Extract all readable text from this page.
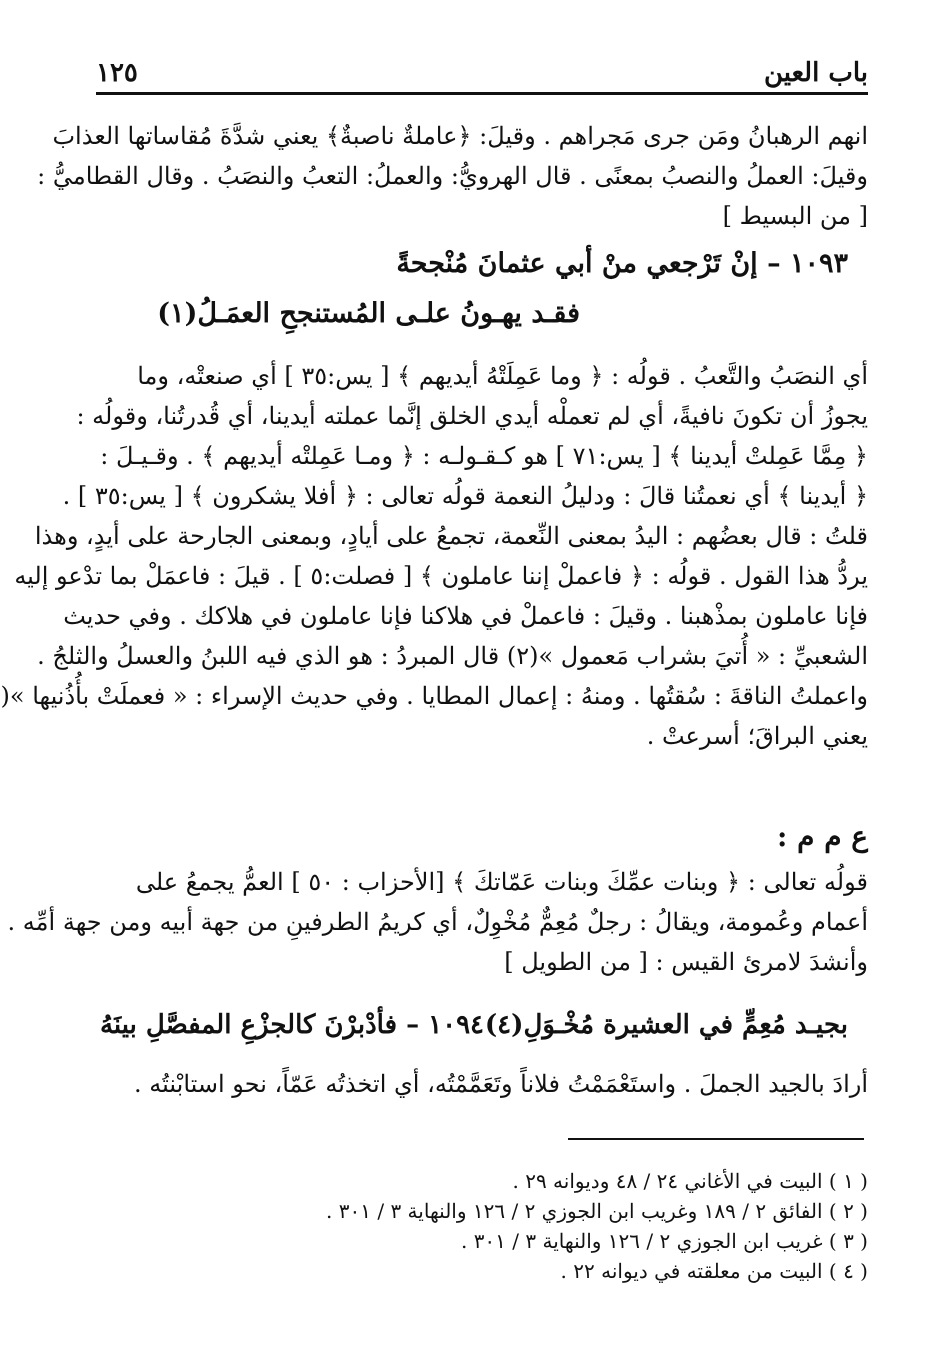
باب العين
١٢٥
انهم الرهبانُ ومَن جرى مَجراهم . وقيلَ: ﴿عاملةٌ ناصبةٌ﴾ يعني شدَّةَ مُقاساتها العذابَ
وقيلَ: العملُ والنصبُ بمعنًى . قال الهرويُّ: والعملُ: التعبُ والنصَبُ . وقال القطاميُّ :
[ من البسيط ]
١٠٩٣ – إنْ تَرْجعي منْ أبي عثمانَ مُنْجحةً
فقـد يهـونُ علـى المُستنجحِ العمَـلُ(١)
أي النصَبُ والتَّعبُ . قولُه : ﴿ وما عَمِلَتْهُ أيديهم ﴾ [ يس:٣٥ ] أي صنعتْه، وما
يجوزُ أن تكونَ نافيةً، أي لم تعملْه أيدي الخلق إنَّما عملته أيدينا، أي قُدرتُنا، وقولُه :
﴿ مِمَّا عَمِلتْ أيدينا ﴾ [ يس:٧١ ] هو كـقـولـه : ﴿ ومـا عَمِلتْه أيديهم ﴾ . وقـيـلَ :
﴿ أيدينا ﴾ أي نعمتُنا قالَ : ودليلُ النعمة قولُه تعالى : ﴿ أفلا يشكرون ﴾ [ يس:٣٥ ] .
قلتُ : قال بعضُهم : اليدُ بمعنى النِّعمة، تجمعُ على أيادٍ، وبمعنى الجارحة على أيدٍ، وهذا
يردُّ هذا القول . قولُه : ﴿ فاعملْ إننا عاملون ﴾ [ فصلت:٥ ] . قيلَ : فاعمَلْ بما تدْعو إليه
فإنا عاملون بمذْهبنا . وقيلَ : فاعملْ في هلاكنا فإنا عاملون في هلاكك . وفي حديث
الشعبيِّ : « أُتيَ بشراب مَعمول »(٢) قال المبردُ : هو الذي فيه اللبنُ والعسلُ والثلجُ .
واعملتُ الناقةَ : سُقتُها . ومنهُ : إعمال المطايا . وفي حديث الإسراء : « فعملَتْ بأُذُنيها »(
يعني البراقَ؛ أسرعتْ .
ع م م :
قولُه تعالى : ﴿ وبنات عمِّكَ وبنات عَمّاتكَ ﴾ [الأحزاب : ٥٠ ] العمُّ يجمعُ على
أعمام وعُمومة، ويقالُ : رجلٌ مُعِمٌّ مُخْوِلٌ، أي كريمُ الطرفينِ من جهة أبيه ومن جهة أمِّه .
وأنشدَ لامرئ القيس : [ من الطويل ]
١٠٩٤ – فأدْبرْنَ كالجزْعِ المفصَّلِ بينَهُ بجيـد مُعِمٍّ في العشيرة مُخْـوَلِ(٤)
أرادَ بالجيد الجملَ . واستَعْمَمْتُ فلاناً وتَعَمَّمْتُه، أي اتخذتُه عَمّاً، نحو استابْنتُه .
( ١ ) البيت في الأغاني ٢٤ / ٤٨ وديوانه ٢٩ .
( ٢ ) الفائق ٢ / ١٨٩ وغريب ابن الجوزي ٢ / ١٢٦ والنهاية ٣ / ٣٠١ .
( ٣ ) غريب ابن الجوزي ٢ / ١٢٦ والنهاية ٣ / ٣٠١ .
( ٤ ) البيت من معلقته في ديوانه ٢٢ .
